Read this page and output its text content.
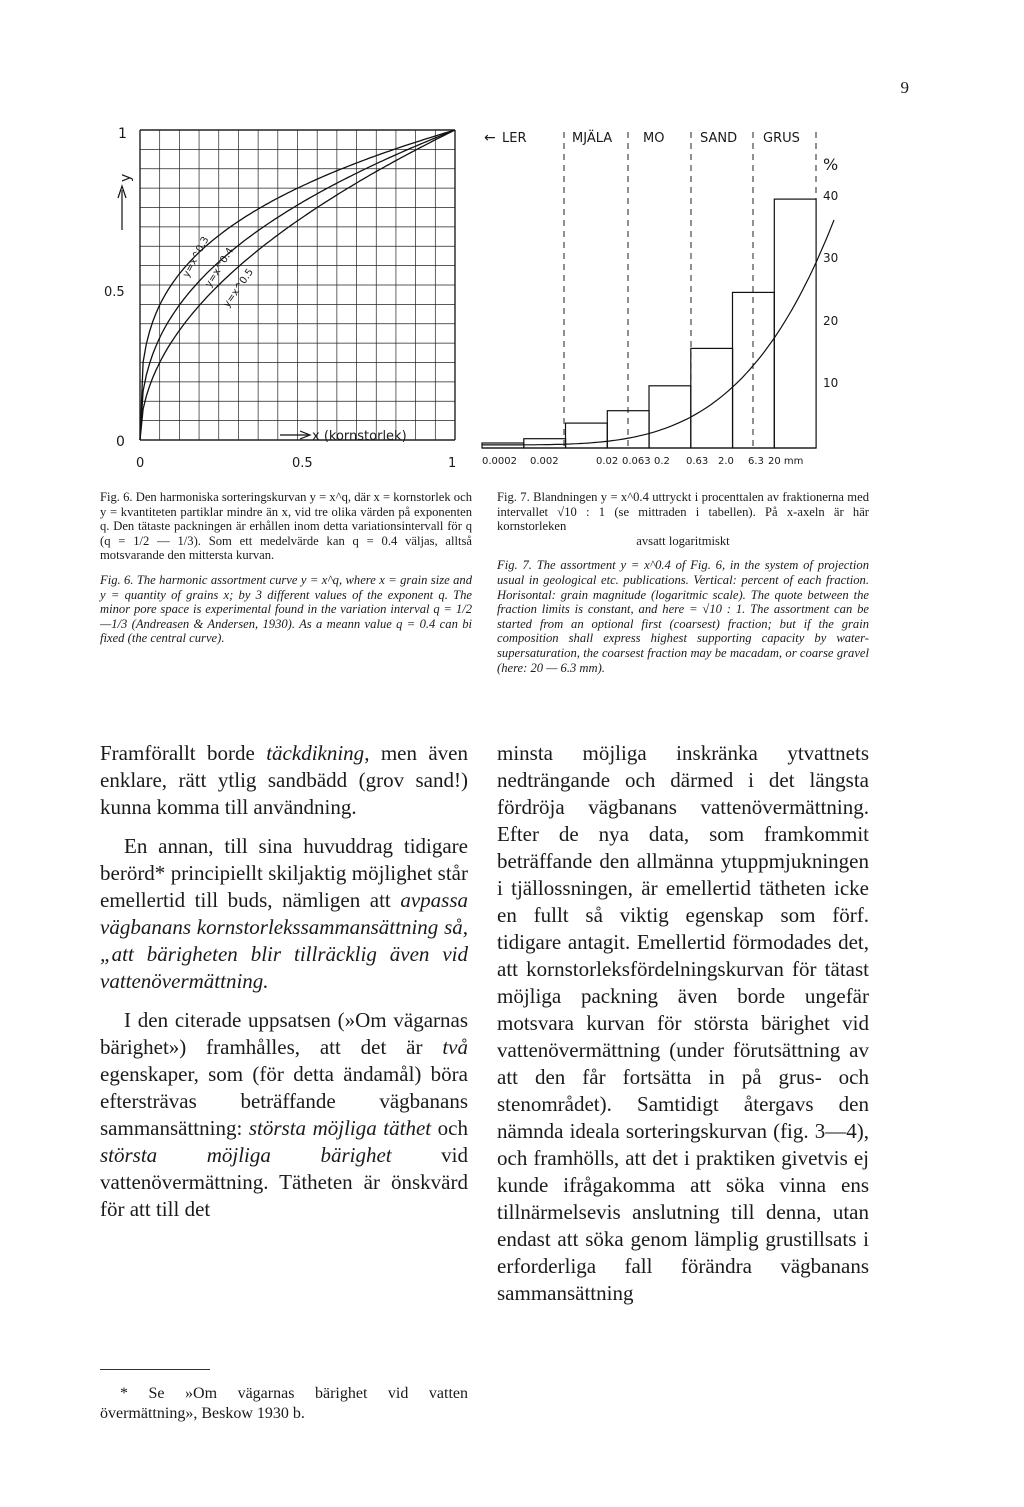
9
1
0.5
0
0	0.5	1
y
x (kornstorlek)
y=x^0.3
y=x^0.4
y=x^0.5
← LER	MJÄLA MO	SAND GRUS
%
40
30
20
10
0.0002 0.002	0.02 0.063 0.2 0.63 2.0 6.3 20 mm

Fig. 6. Den harmoniska sorteringskurvan y = x^q, där x = kornstorlek och y = kvantiteten partiklar mindre än x, vid tre olika värden på exponenten q. Den tätaste packningen är erhållen inom detta variationsintervall för q (q = 1/2 — 1/3). Som ett medelvärde kan q = 0.4 väljas, alltså motsvarande den mittersta kurvan.

Fig. 6. The harmonic assortment curve y = x^q, where x = grain size and y = quantity of grains x; by 3 different values of the exponent q. The minor pore space is experimental found in the variation interval q = 1/2—1/3 (Andreasen & Andersen, 1930). As a meann value q = 0.4 can bi fixed (the central curve).

Fig. 7. Blandningen y = x^0.4 uttryckt i procenttalen av fraktionerna med intervallet √10 : 1 (se mittraden i tabellen). På x-axeln är här kornstorleken

avsatt logaritmiskt

Fig. 7. The assortment y = x^0.4 of Fig. 6, in the system of projection usual in geological etc. publications. Vertical: percent of each fraction. Horisontal: grain magnitude (logaritmic scale). The quote between the fraction limits is constant, and here = √10 : 1. The assortment can be started from an optional first (coarsest) fraction; but if the grain composition shall express highest supporting capacity by water-supersaturation, the coarsest fraction may be macadam, or coarse gravel (here: 20 — 6.3 mm).

Framförallt borde täckdikning, men även enklare, rätt ytlig sandbädd (grov sand!) kunna komma till användning.

En annan, till sina huvuddrag tidigare berörd* principiellt skiljaktig möjlighet står emellertid till buds, nämligen att avpassa vägbanans kornstorlekssammansättning så, „att bärigheten blir tillräcklig även vid vattenövermättning.

I den citerade uppsatsen (»Om vägarnas bärighet») framhålles, att det är två egenskaper, som (för detta ändamål) böra eftersträvas beträffande vägbanans sammansättning: största möjliga täthet och största möjliga bärighet vid vattenövermättning. Tätheten är önskvärd för att till det

* Se »Om vägarnas bärighet vid vatten övermättning», Beskow 1930 b.

minsta möjliga inskränka ytvattnets nedträngande och därmed i det längsta fördröja vägbanans vattenövermättning. Efter de nya data, som framkommit beträffande den allmänna ytuppmjukningen i tjällossningen, är emellertid tätheten icke en fullt så viktig egenskap som förf. tidigare antagit. Emellertid förmodades det, att kornstorleksfördelningskurvan för tätast möjliga packning även borde ungefär motsvara kurvan för största bärighet vid vattenövermättning (under förutsättning av att den får fortsätta in på grus- och stenområdet). Samtidigt återgavs den nämnda ideala sorteringskurvan (fig. 3—4), och framhölls, att det i praktiken givetvis ej kunde ifrågakomma att söka vinna ens tillnärmelsevis anslutning till denna, utan endast att söka genom lämplig grustillsats i erforderliga fall förändra vägbanans sammansättning
